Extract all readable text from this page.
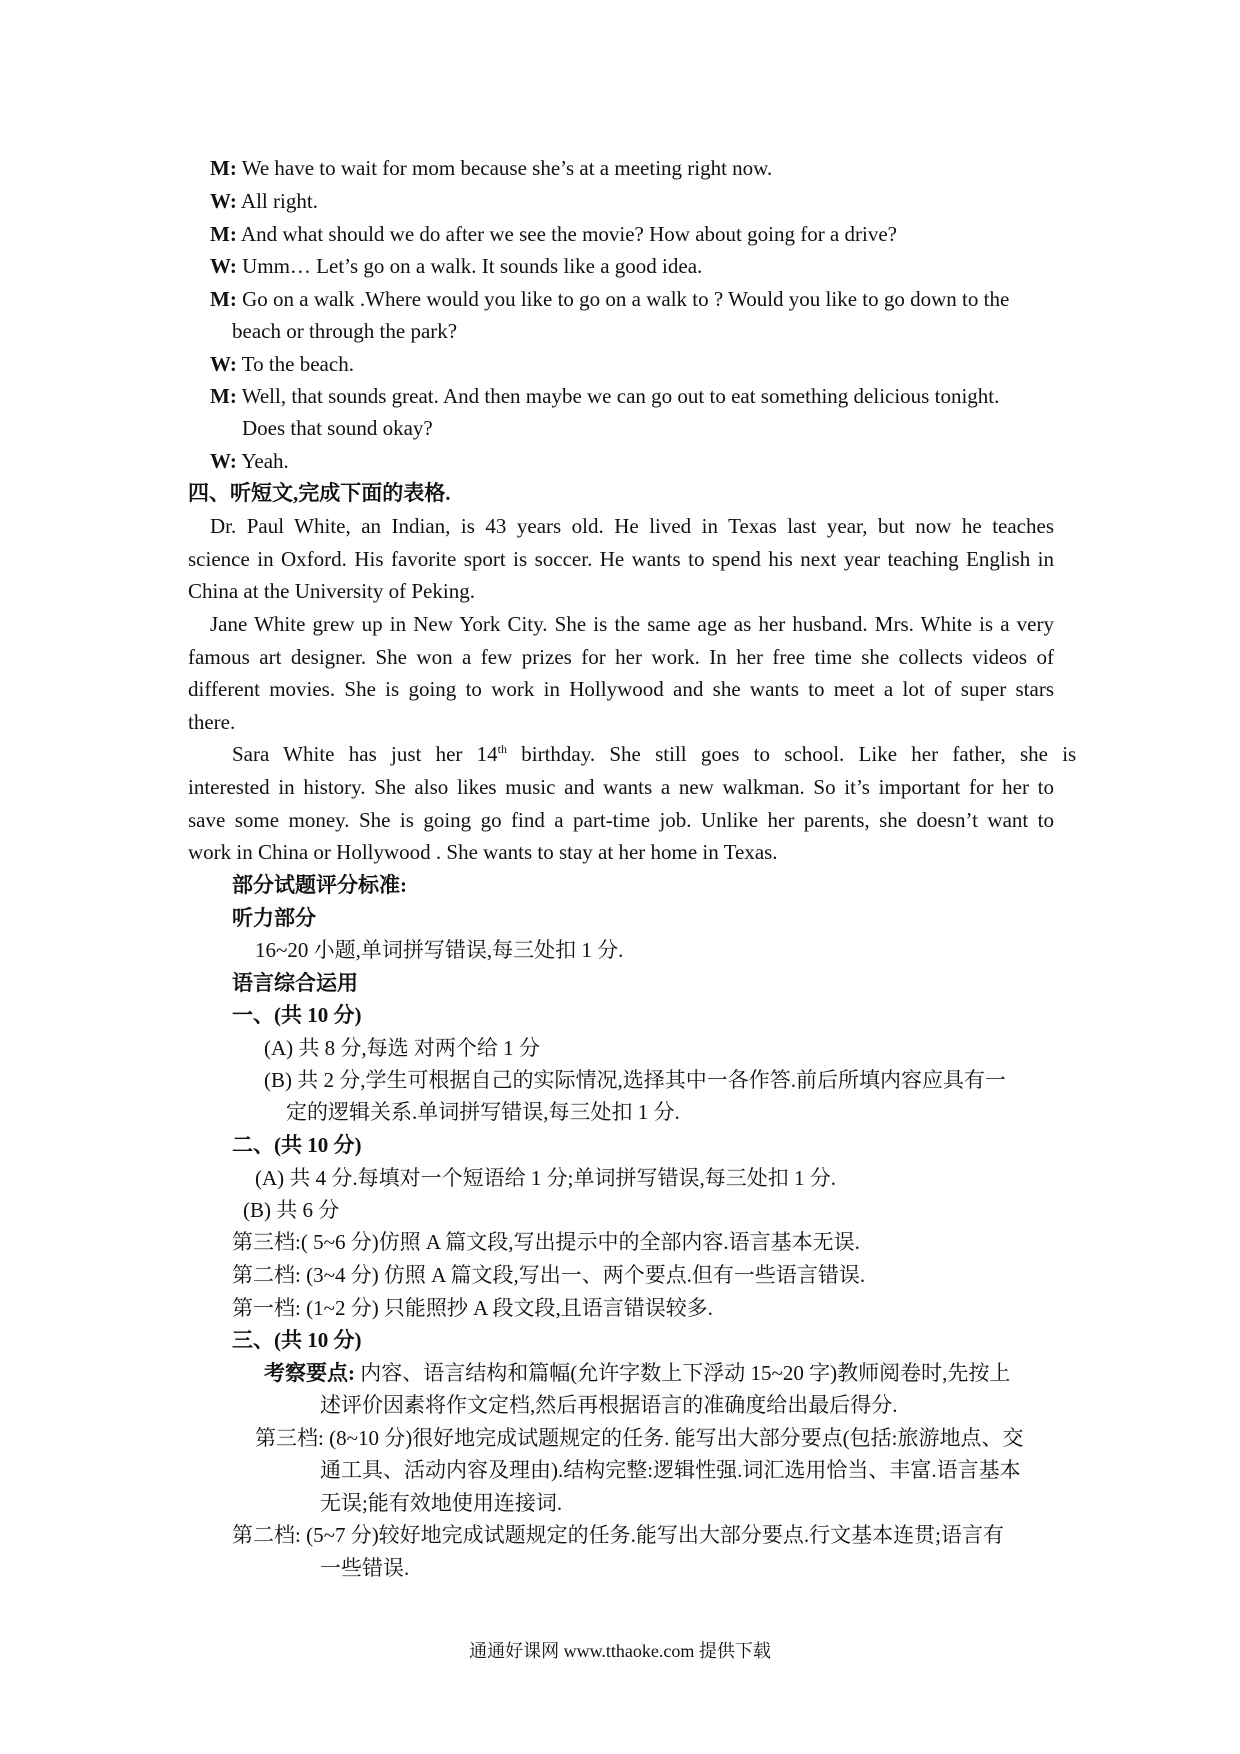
M: We have to wait for mom because she’s at a meeting right now.
W: All right.
M: And what should we do after we see the movie? How about going for a drive?
W: Umm… Let’s go on a walk. It sounds like a good idea.
M: Go on a walk .Where would you like to go on a walk to ? Would you like to go down to the
beach or through the park?
W: To the beach.
M: Well, that sounds great. And then maybe we can go out to eat something delicious tonight.
Does that sound okay?
W: Yeah.
四、听短文,完成下面的表格.
Dr. Paul White, an Indian, is 43 years old. He lived in Texas last year, but now he teaches
science in Oxford. His favorite sport is soccer. He wants to spend his next year teaching English in
China at the University of Peking.
Jane White grew up in New York City. She is the same age as her husband. Mrs. White is a very
famous art designer. She won a few prizes for her work. In her free time she collects videos of
different movies. She is going to work in Hollywood and she wants to meet a lot of super stars
there.
Sara White has just her 14th birthday. She still goes to school. Like her father, she is
interested in history. She also likes music and wants a new walkman. So it’s important for her to
save some money. She is going go find a part-time job. Unlike her parents, she doesn’t want to
work in China or Hollywood . She wants to stay at her home in Texas.
部分试题评分标准:
听力部分
16~20 小题,单词拼写错误,每三处扣 1 分.
语言综合运用
一、(共 10 分)
(A) 共 8 分,每选 对两个给 1 分
(B) 共 2 分,学生可根据自己的实际情况,选择其中一各作答.前后所填内容应具有一
定的逻辑关系.单词拼写错误,每三处扣 1 分.
二、(共 10 分)
(A) 共 4 分.每填对一个短语给 1 分;单词拼写错误,每三处扣 1 分.
(B) 共 6 分
第三档:( 5~6 分)仿照 A 篇文段,写出提示中的全部内容.语言基本无误.
第二档: (3~4 分) 仿照 A 篇文段,写出一、两个要点.但有一些语言错误.
第一档: (1~2 分) 只能照抄 A 段文段,且语言错误较多.
三、(共 10 分)
考察要点: 内容、语言结构和篇幅(允许字数上下浮动 15~20 字)教师阅卷时,先按上
述评价因素将作文定档,然后再根据语言的准确度给出最后得分.
第三档: (8~10 分)很好地完成试题规定的任务. 能写出大部分要点(包括:旅游地点、交
通工具、活动内容及理由).结构完整:逻辑性强.词汇选用恰当、丰富.语言基本
无误;能有效地使用连接词.
第二档: (5~7 分)较好地完成试题规定的任务.能写出大部分要点.行文基本连贯;语言有
一些错误.
通通好课网 www.tthaoke.com 提供下载
